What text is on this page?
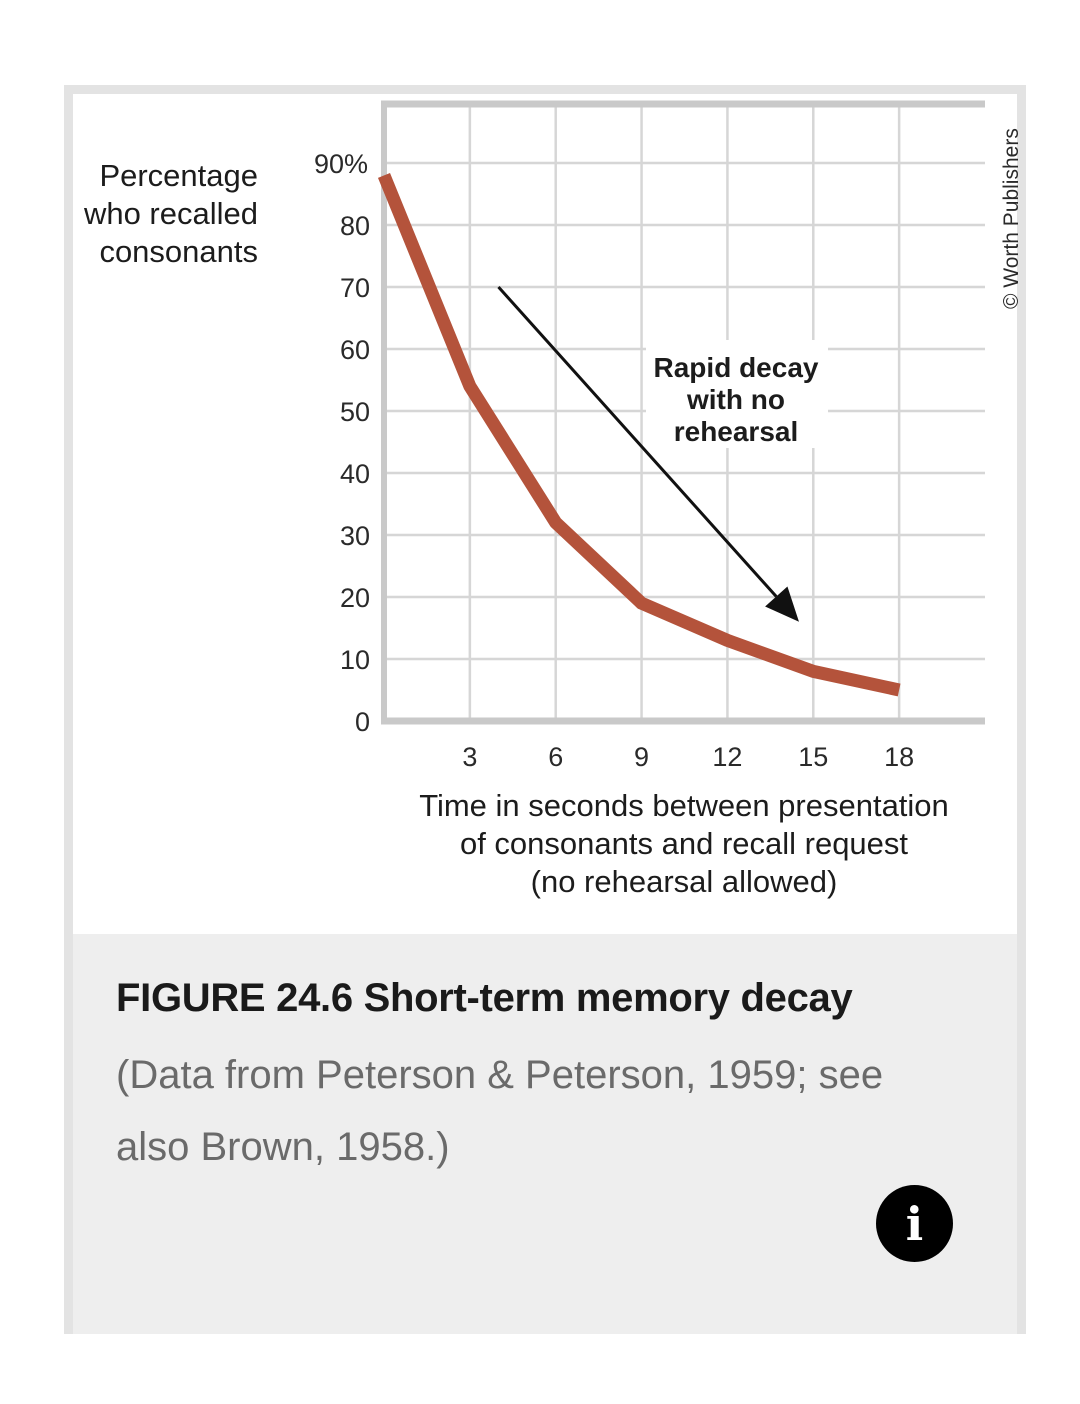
0
10
20
30
40
50
60
70
80
90%
3	6	9 12 15 18
Percentage
who recalled
consonants
Time in seconds between presentation
of consonants and recall request
(no rehearsal allowed)
Rapid decay
with no
rehearsal
© Worth Publishers

FIGURE 24.6 Short-term memory decay

(Data from Peterson & Peterson, 1959; see also Brown, 1958.)

i
